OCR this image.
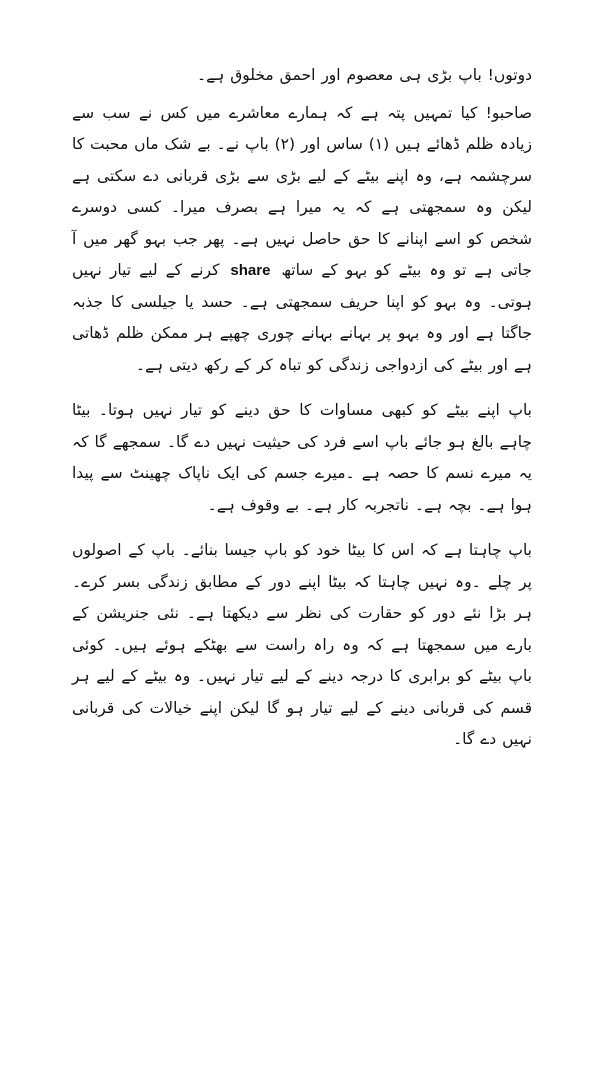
دوتوں! باپ بڑی ہی معصوم اور احمق مخلوق ہے۔

صاحبو! کیا تمہیں پتہ ہے کہ ہمارے معاشرے میں کس نے سب سے زیادہ ظلم ڈھائے ہیں (۱) ساس اور (۲) باپ نے۔ بے شک ماں محبت کا سرچشمہ ہے، وہ اپنے بیٹے کے لیے بڑی سے بڑی قربانی دے سکتی ہے لیکن وہ سمجھتی ہے کہ یہ میرا ہے بصرف میرا۔ کسی دوسرے شخص کو اسے اپنانے کا حق حاصل نہیں ہے۔ پھر جب بہو گھر میں آ جاتی ہے تو وہ بیٹے کو بہو کے ساتھ share کرنے کے لیے تیار نہیں ہوتی۔ وہ بہو کو اپنا حریف سمجھتی ہے۔ حسد یا جیلسی کا جذبہ جاگتا ہے اور وہ بہو پر بہانے بہانے چوری چھپے ہر ممکن ظلم ڈھاتی ہے اور بیٹے کی ازدواجی زندگی کو تباہ کر کے رکھ دیتی ہے۔

باپ اپنے بیٹے کو کبھی مساوات کا حق دینے کو تیار نہیں ہوتا۔ بیٹا چاہے بالغ ہو جائے باپ اسے فرد کی حیثیت نہیں دے گا۔ سمجھے گا کہ یہ میرے نسم کا حصہ ہے ۔میرے جسم کی ایک ناپاک چھینٹ سے پیدا ہوا ہے۔ بچہ ہے۔ ناتجربہ کار ہے۔ بے وقوف ہے۔

باپ چاہتا ہے کہ اس کا بیٹا خود کو باپ جیسا بنائے۔ باپ کے اصولوں پر چلے ۔وہ نہیں چاہتا کہ بیٹا اپنے دور کے مطابق زندگی بسر کرے۔ ہر بڑا نئے دور کو حقارت کی نظر سے دیکھتا ہے۔ نئی جنریشن کے بارے میں سمجھتا ہے کہ وہ راہ راست سے بھٹکے ہوئے ہیں۔ کوئی باپ بیٹے کو برابری کا درجہ دینے کے لیے تیار نہیں۔ وہ بیٹے کے لیے ہر قسم کی قربانی دینے کے لیے تیار ہو گا لیکن اپنے خیالات کی قربانی نہیں دے گا۔
